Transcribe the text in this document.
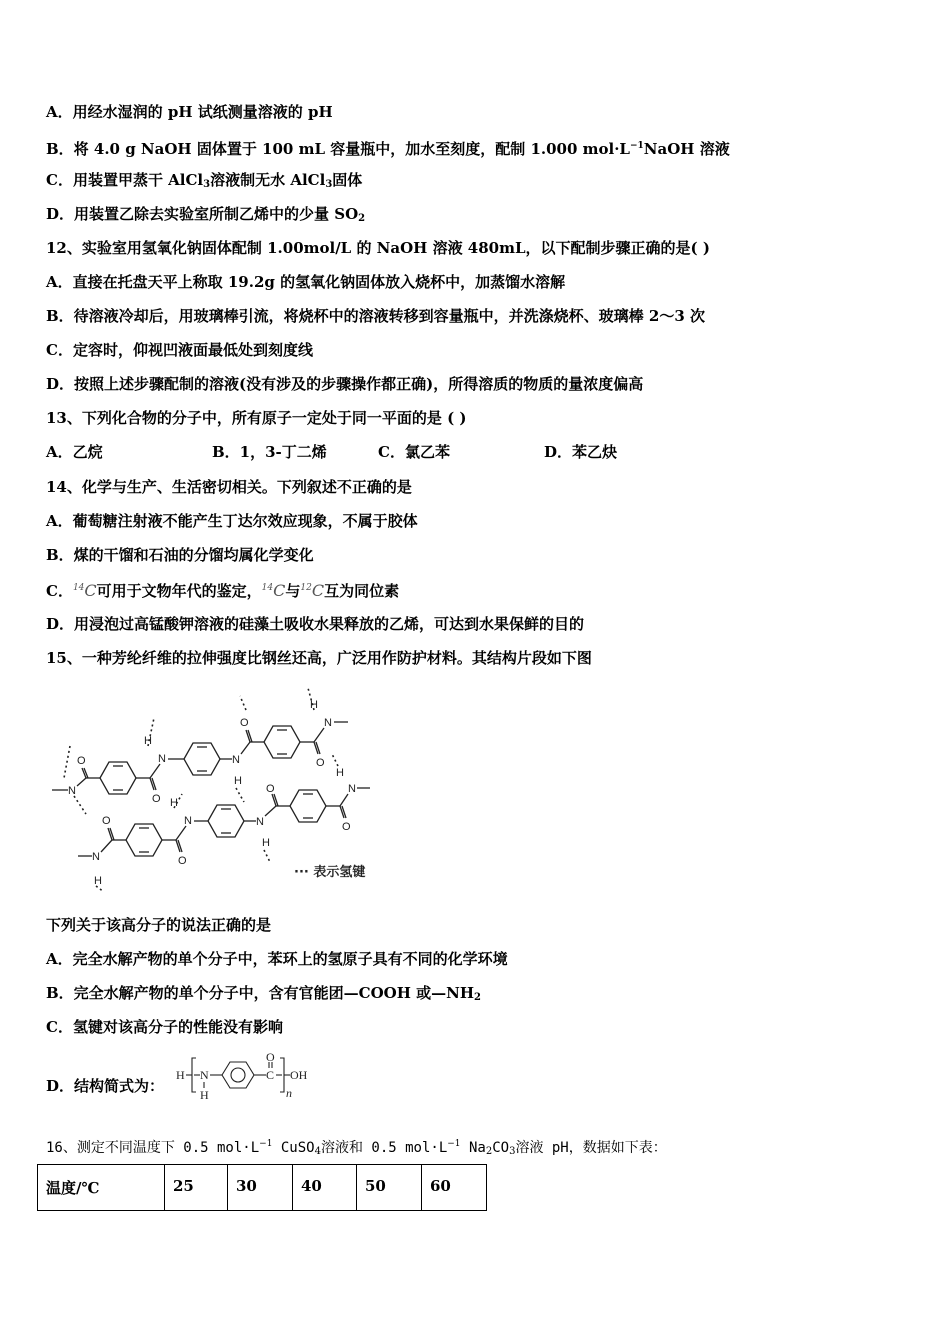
A．用经水湿润的 pH 试纸测量溶液的 pH
B．将 4.0 g NaOH 固体置于 100 mL 容量瓶中，加水至刻度，配制 1.000 $mol\cdot L^{-1}NaOH$ 溶液
C．用装置甲蒸干 AlCl$_3$溶液制无水 AlCl$_3$固体
D．用装置乙除去实验室所制乙烯中的少量 $SO_2$
12、实验室用氢氧化钠固体配制 1.00mol/L 的 NaOH 溶液 480mL，以下配制步骤正确的是( )
A．直接在托盘天平上称取 19.2g 的氢氧化钠固体放入烧杯中，加蒸馏水溶解
B．待溶液冷却后，用玻璃棒引流，将烧杯中的溶液转移到容量瓶中，并洗涤烧杯、玻璃棒 2～3 次
C．定容时，仰视凹液面最低处到刻度线
D．按照上述步骤配制的溶液(没有涉及的步骤操作都正确)，所得溶质的物质的量浓度偏高
13、下列化合物的分子中，所有原子一定处于同一平面的是 ( )
A．乙烷	B．1，3-丁二烯	C．氯乙苯	D．苯乙炔
14、化学与生产、生活密切相关。下列叙述不正确的是
A．葡萄糖注射液不能产生丁达尔效应现象，不属于胶体
B．煤的干馏和石油的分馏均属化学变化
C．$^{14}$C可用于文物年代的鉴定，$^{14}$C与$^{12}$C互为同位素
D．用浸泡过高锰酸钾溶液的硅藻土吸收水果释放的乙烯，可达到水果保鲜的目的
15、一种芳纶纤维的拉伸强度比钢丝还高，广泛用作防护材料。其结构片段如下图
N
O
O
N
H
N
H
O
O
N
H
N
H
O
O
N
H
N
H
O
O
N
H
··· 表示氢键
下列关于该高分子的说法正确的是
A．完全水解产物的单个分子中，苯环上的氢原子具有不同的化学环境
B．完全水解产物的单个分子中，含有官能团—COOH 或$—NH_2$
C．氢键对该高分子的性能没有影响
D．结构简式为：
H N
H
C
O
n
OH
16、测定不同温度下 0.5 $mol\cdot L^{-1}$ CuSO$_4$溶液和 0.5 $mol\cdot L^{-1}$ $Na_2CO_3$溶液 pH，数据如下表：
温度/℃	25	30	40	50	60
